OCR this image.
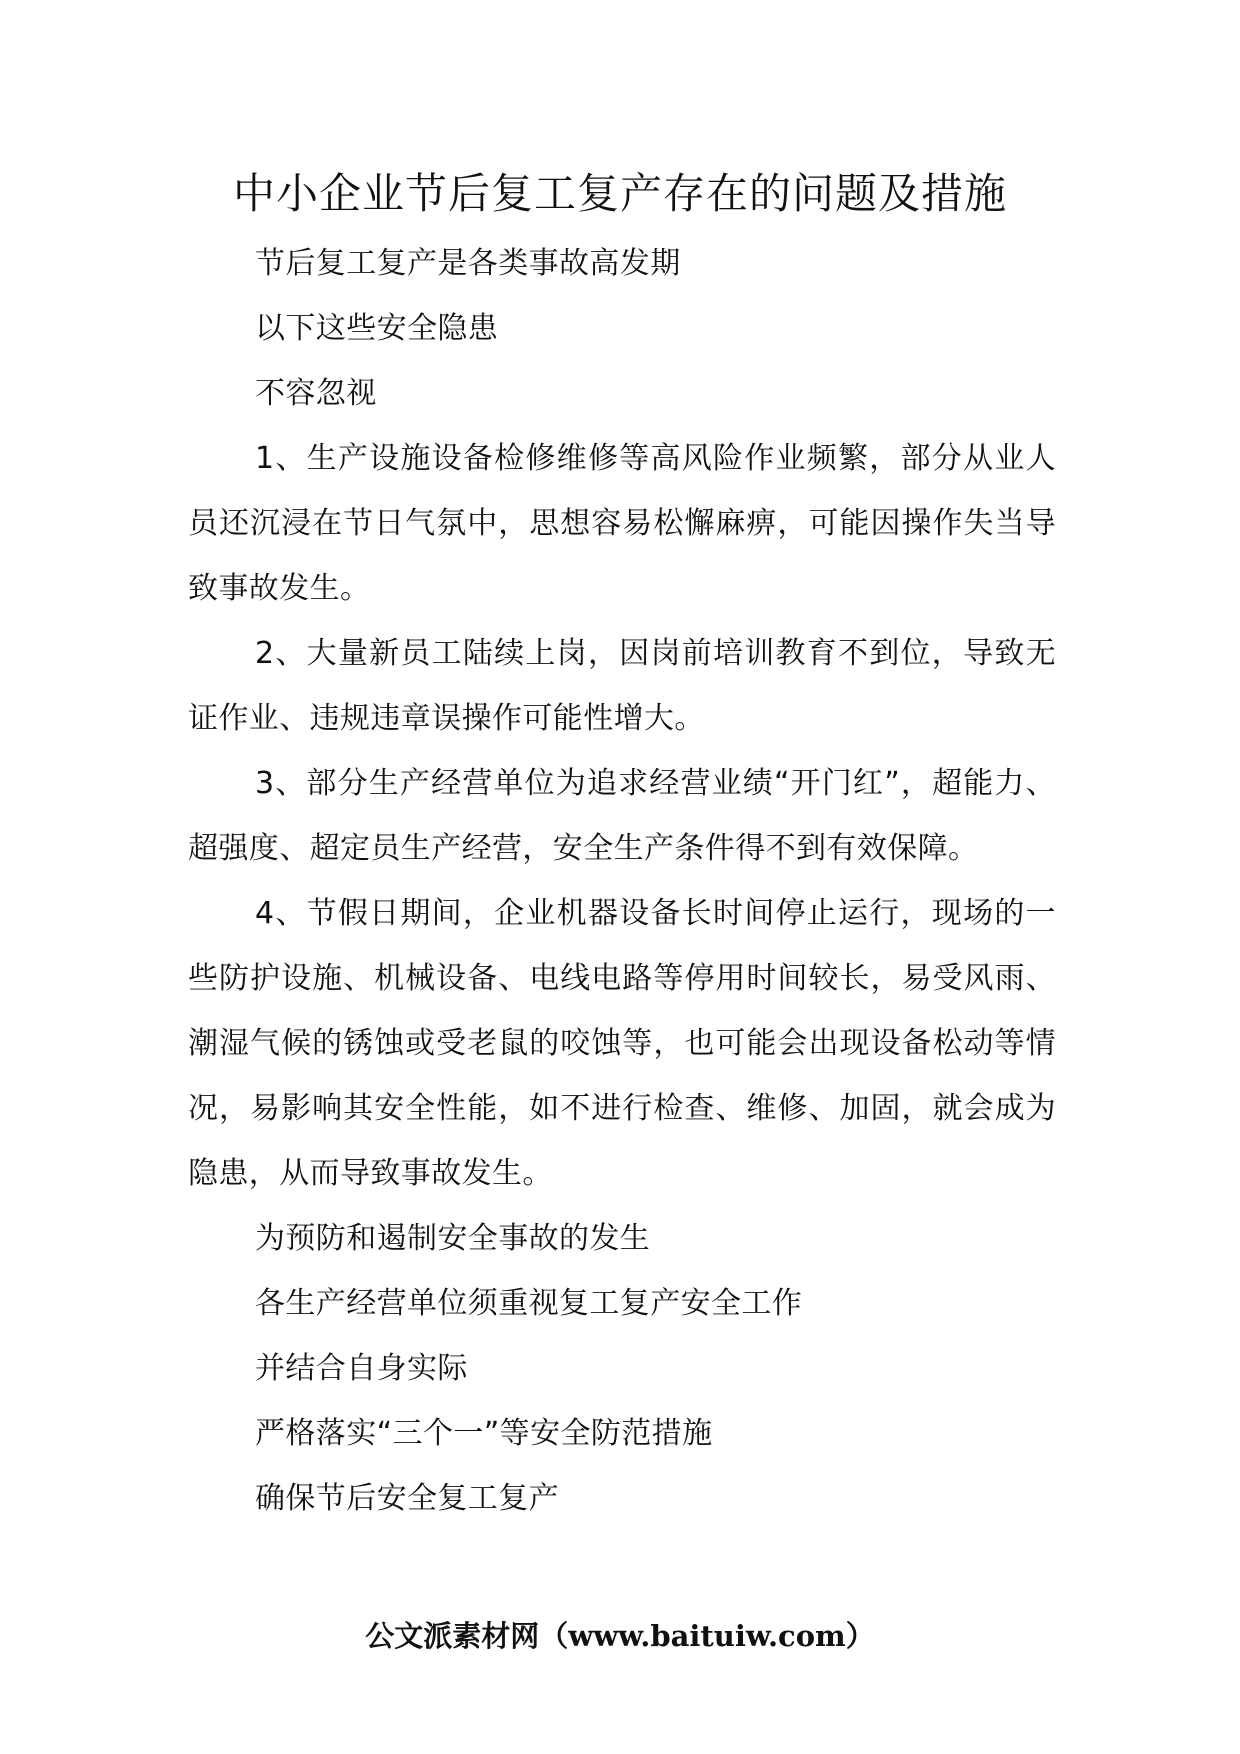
中小企业节后复工复产存在的问题及措施

节后复工复产是各类事故高发期

以下这些安全隐患

不容忽视

1、生产设施设备检修维修等高风险作业频繁，部分从业人员还沉浸在节日气氛中，思想容易松懈麻痹，可能因操作失当导致事故发生。

2、大量新员工陆续上岗，因岗前培训教育不到位，导致无证作业、违规违章误操作可能性增大。

3、部分生产经营单位为追求经营业绩“开门红”，超能力、超强度、超定员生产经营，安全生产条件得不到有效保障。

4、节假日期间，企业机器设备长时间停止运行，现场的一些防护设施、机械设备、电线电路等停用时间较长，易受风雨、潮湿气候的锈蚀或受老鼠的咬蚀等，也可能会出现设备松动等情况，易影响其安全性能，如不进行检查、维修、加固，就会成为隐患，从而导致事故发生。

为预防和遏制安全事故的发生

各生产经营单位须重视复工复产安全工作

并结合自身实际

严格落实“三个一”等安全防范措施

确保节后安全复工复产

公文派素材网（www.baituiw.com）
